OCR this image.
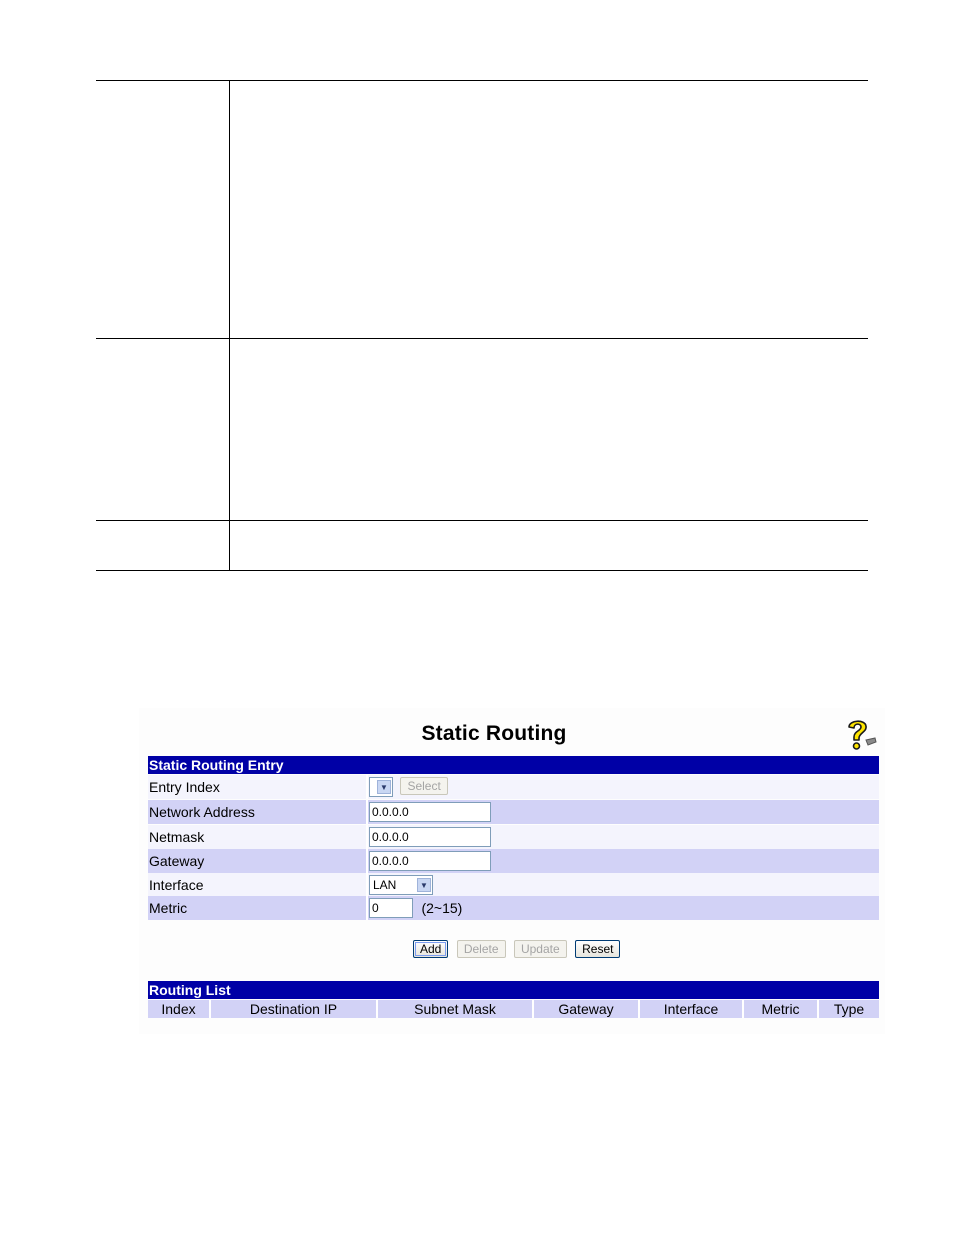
Static Routing
Static Routing Entry
Entry Index	▼ Select
Network Address	0.0.0.0
Netmask	0.0.0.0
Gateway	0.0.0.0
Interface	LAN	▼
Metric	0	(2~15)
Add Delete Update Reset
Routing List
Index	Destination IP	Subnet Mask	Gateway	Interface	Metric	Type
